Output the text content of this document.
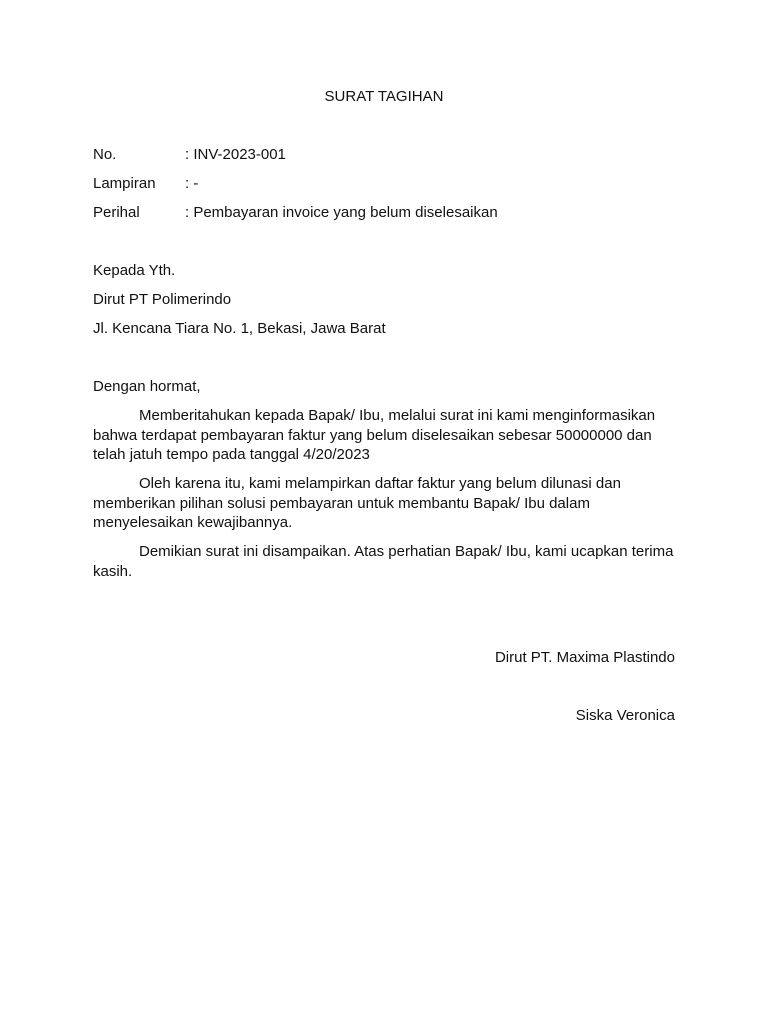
SURAT TAGIHAN
No.	: INV-2023-001
Lampiran : -
Perihal	: Pembayaran invoice yang belum diselesaikan
Kepada Yth.
Dirut PT Polimerindo
Jl. Kencana Tiara No. 1, Bekasi, Jawa Barat
Dengan hormat,

Memberitahukan kepada Bapak/ Ibu, melalui surat ini kami menginformasikan bahwa terdapat pembayaran faktur yang belum diselesaikan sebesar 50000000 dan telah jatuh tempo pada tanggal 4/20/2023

Oleh karena itu, kami melampirkan daftar faktur yang belum dilunasi dan memberikan pilihan solusi pembayaran untuk membantu Bapak/ Ibu dalam menyelesaikan kewajibannya.

Demikian surat ini disampaikan. Atas perhatian Bapak/ Ibu, kami ucapkan terima kasih.

Dirut PT. Maxima Plastindo
Siska Veronica
